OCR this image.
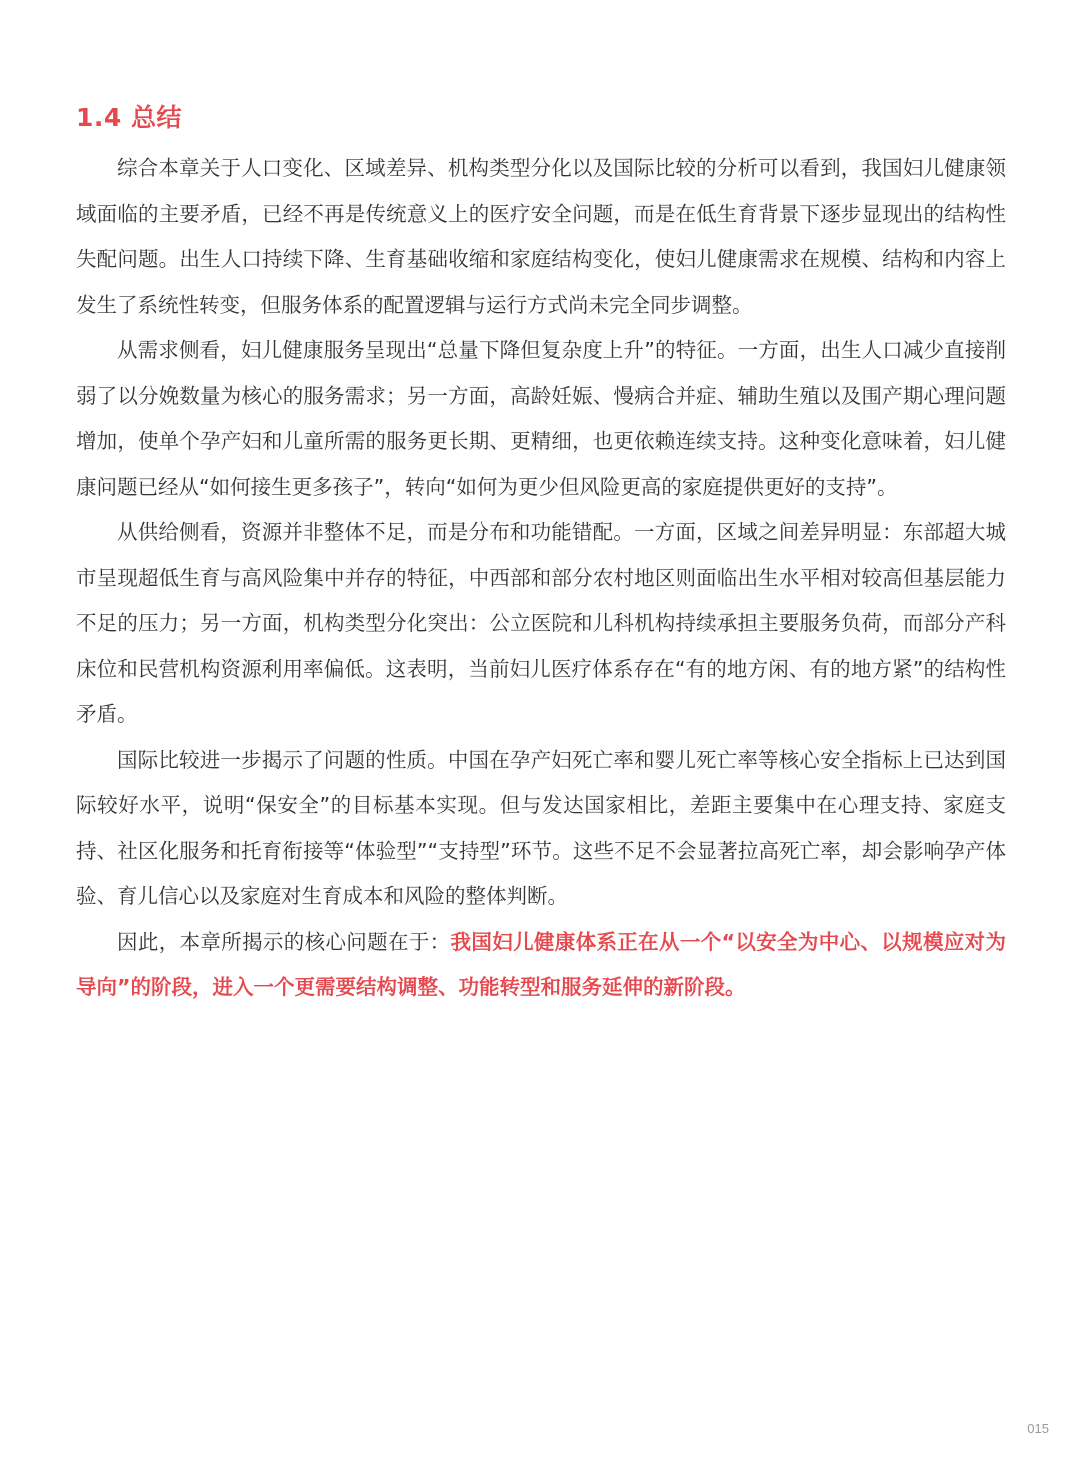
1.4 总结

综合本章关于人口变化、区域差异、机构类型分化以及国际比较的分析可以看到，我国妇儿健康领域面临的主要矛盾，已经不再是传统意义上的医疗安全问题，而是在低生育背景下逐步显现出的结构性失配问题。出生人口持续下降、生育基础收缩和家庭结构变化，使妇儿健康需求在规模、结构和内容上发生了系统性转变，但服务体系的配置逻辑与运行方式尚未完全同步调整。

从需求侧看，妇儿健康服务呈现出“总量下降但复杂度上升”的特征。一方面，出生人口减少直接削弱了以分娩数量为核心的服务需求；另一方面，高龄妊娠、慢病合并症、辅助生殖以及围产期心理问题增加，使单个孕产妇和儿童所需的服务更长期、更精细，也更依赖连续支持。这种变化意味着，妇儿健康问题已经从“如何接生更多孩子”，转向“如何为更少但风险更高的家庭提供更好的支持”。

从供给侧看，资源并非整体不足，而是分布和功能错配。一方面，区域之间差异明显：东部超大城市呈现超低生育与高风险集中并存的特征，中西部和部分农村地区则面临出生水平相对较高但基层能力不足的压力；另一方面，机构类型分化突出：公立医院和儿科机构持续承担主要服务负荷，而部分产科床位和民营机构资源利用率偏低。这表明，当前妇儿医疗体系存在“有的地方闲、有的地方紧”的结构性矛盾。

国际比较进一步揭示了问题的性质。中国在孕产妇死亡率和婴儿死亡率等核心安全指标上已达到国际较好水平，说明“保安全”的目标基本实现。但与发达国家相比，差距主要集中在心理支持、家庭支持、社区化服务和托育衔接等“体验型”“支持型”环节。这些不足不会显著拉高死亡率，却会影响孕产体验、育儿信心以及家庭对生育成本和风险的整体判断。

因此，本章所揭示的核心问题在于：我国妇儿健康体系正在从一个“以安全为中心、以规模应对为导向”的阶段，进入一个更需要结构调整、功能转型和服务延伸的新阶段。

015
